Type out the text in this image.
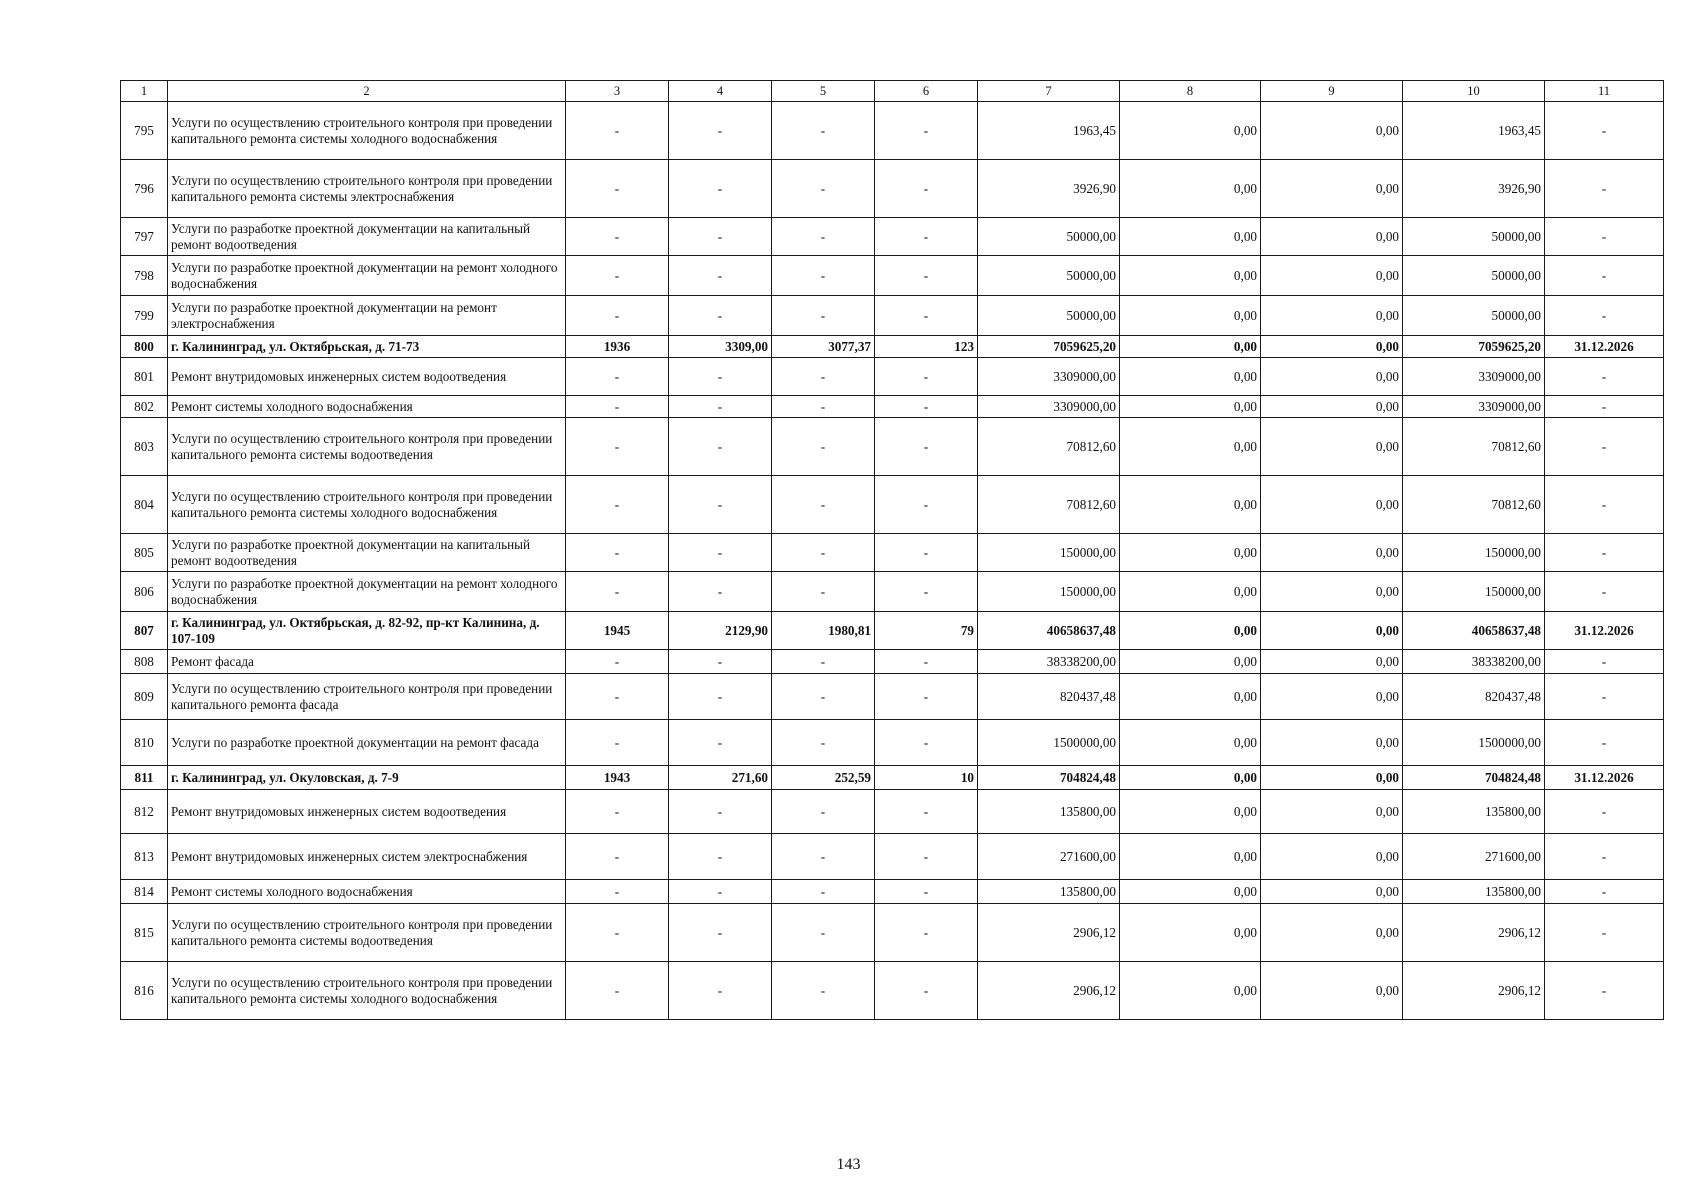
1	2	3	4	5	6	7	8	9	10	11
795	Услуги по осуществлению строительного контроля при проведении капитального ремонта системы холодного водоснабжения	-	-	-	-	1963,45	0,00	0,00	1963,45	-
796	Услуги по осуществлению строительного контроля при проведении капитального ремонта системы электроснабжения	-	-	-	-	3926,90	0,00	0,00	3926,90	-
797	Услуги по разработке проектной документации на капитальный ремонт водоотведения	-	-	-	-	50000,00	0,00	0,00	50000,00	-
798	Услуги по разработке проектной документации на ремонт холодного водоснабжения	-	-	-	-	50000,00	0,00	0,00	50000,00	-
799	Услуги по разработке проектной документации на ремонт электроснабжения	-	-	-	-	50000,00	0,00	0,00	50000,00	-
800	г. Калининград, ул. Октябрьская, д. 71-73	1936	3309,00	3077,37	123	7059625,20	0,00	0,00	7059625,20	31.12.2026
801	Ремонт внутридомовых инженерных систем водоотведения	-	-	-	-	3309000,00	0,00	0,00	3309000,00	-
802	Ремонт системы холодного водоснабжения	-	-	-	-	3309000,00	0,00	0,00	3309000,00	-
803	Услуги по осуществлению строительного контроля при проведении капитального ремонта системы водоотведения	-	-	-	-	70812,60	0,00	0,00	70812,60	-
804	Услуги по осуществлению строительного контроля при проведении капитального ремонта системы холодного водоснабжения	-	-	-	-	70812,60	0,00	0,00	70812,60	-
805	Услуги по разработке проектной документации на капитальный ремонт водоотведения	-	-	-	-	150000,00	0,00	0,00	150000,00	-
806	Услуги по разработке проектной документации на ремонт холодного водоснабжения	-	-	-	-	150000,00	0,00	0,00	150000,00	-
807	г. Калининград, ул. Октябрьская, д. 82-92, пр-кт Калинина, д. 107-109	1945	2129,90	1980,81	79	40658637,48	0,00	0,00	40658637,48	31.12.2026
808	Ремонт фасада	-	-	-	-	38338200,00	0,00	0,00	38338200,00	-
809	Услуги по осуществлению строительного контроля при проведении капитального ремонта фасада	-	-	-	-	820437,48	0,00	0,00	820437,48	-
810	Услуги по разработке проектной документации на ремонт фасада	-	-	-	-	1500000,00	0,00	0,00	1500000,00	-
811	г. Калининград, ул. Окуловская, д. 7-9	1943	271,60	252,59	10	704824,48	0,00	0,00	704824,48	31.12.2026
812	Ремонт внутридомовых инженерных систем водоотведения	-	-	-	-	135800,00	0,00	0,00	135800,00	-
813	Ремонт внутридомовых инженерных систем электроснабжения	-	-	-	-	271600,00	0,00	0,00	271600,00	-
814	Ремонт системы холодного водоснабжения	-	-	-	-	135800,00	0,00	0,00	135800,00	-
815	Услуги по осуществлению строительного контроля при проведении капитального ремонта системы водоотведения	-	-	-	-	2906,12	0,00	0,00	2906,12	-
816	Услуги по осуществлению строительного контроля при проведении капитального ремонта системы холодного водоснабжения	-	-	-	-	2906,12	0,00	0,00	2906,12	-
143
